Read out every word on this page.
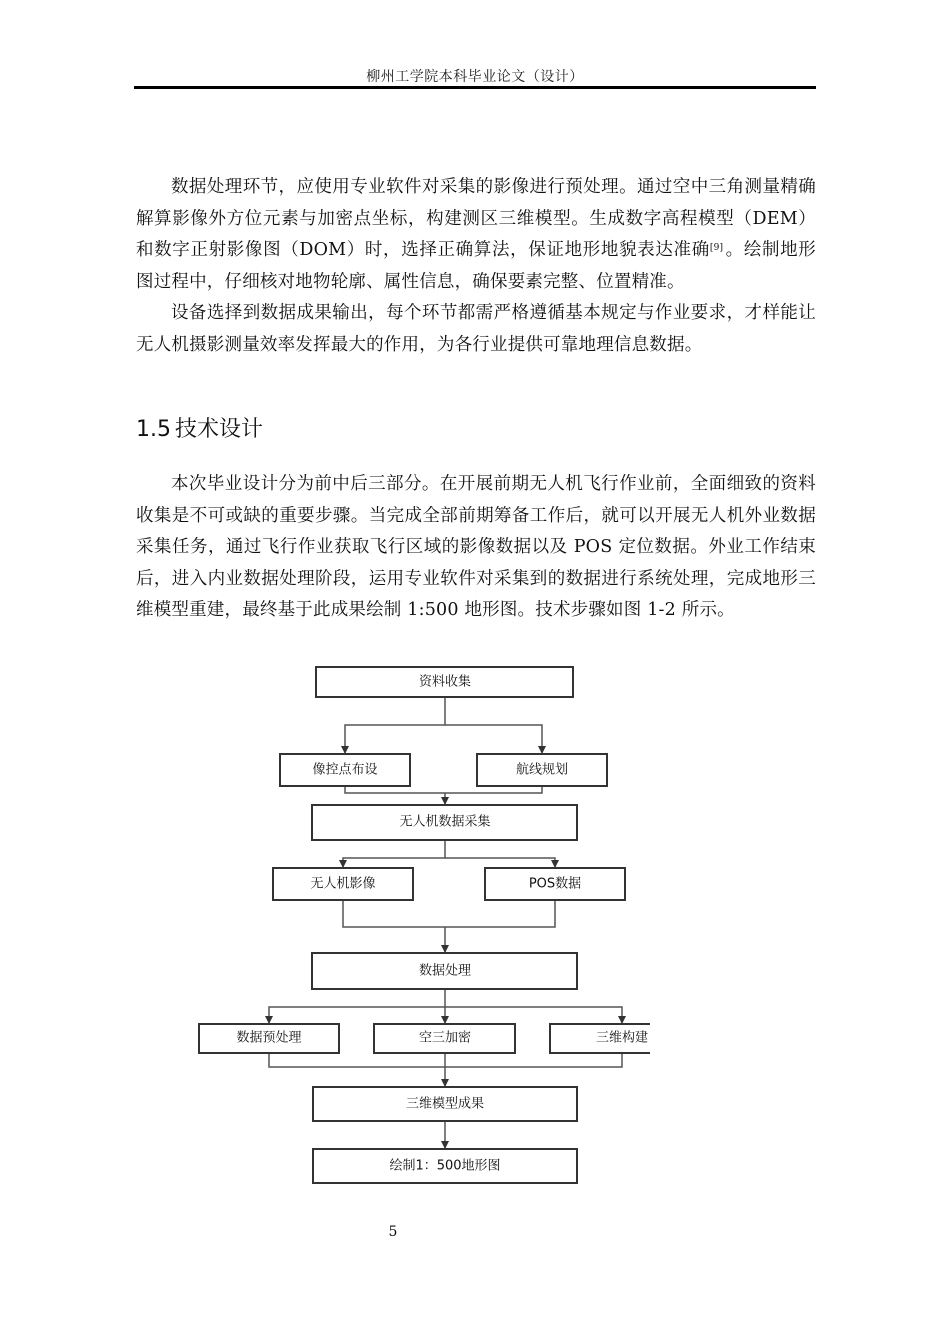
柳州工学院本科毕业论文（设计）

数据处理环节，应使用专业软件对采集的影像进行预处理。通过空中三角测量精确解算影像外方位元素与加密点坐标，构建测区三维模型。生成数字高程模型（DEM）和数字正射影像图（DOM）时，选择正确算法，保证地形地貌表达准确[9] 。绘制地形图过程中，仔细核对地物轮廓、属性信息，确保要素完整、位置精准。

设备选择到数据成果输出，每个环节都需严格遵循基本规定与作业要求，才样能让无人机摄影测量效率发挥最大的作用，为各行业提供可靠地理信息数据。

1.5 技术设计

本次毕业设计分为前中后三部分。在开展前期无人机飞行作业前，全面细致的资料收集是不可或缺的重要步骤。当完成全部前期筹备工作后，就可以开展无人机外业数据采集任务，通过飞行作业获取飞行区域的影像数据以及 POS 定位数据。外业工作结束后，进入内业数据处理阶段，运用专业软件对采集到的数据进行系统处理，完成地形三维模型重建，最终基于此成果绘制 1:500 地形图。技术步骤如图 1-2 所示。

资料收集
像控点布设	航线规划
无人机数据采集
无人机影像	POS数据
数据处理
数据预处理	空三加密	三维构建
三维模型成果
绘制1：500地形图
5
